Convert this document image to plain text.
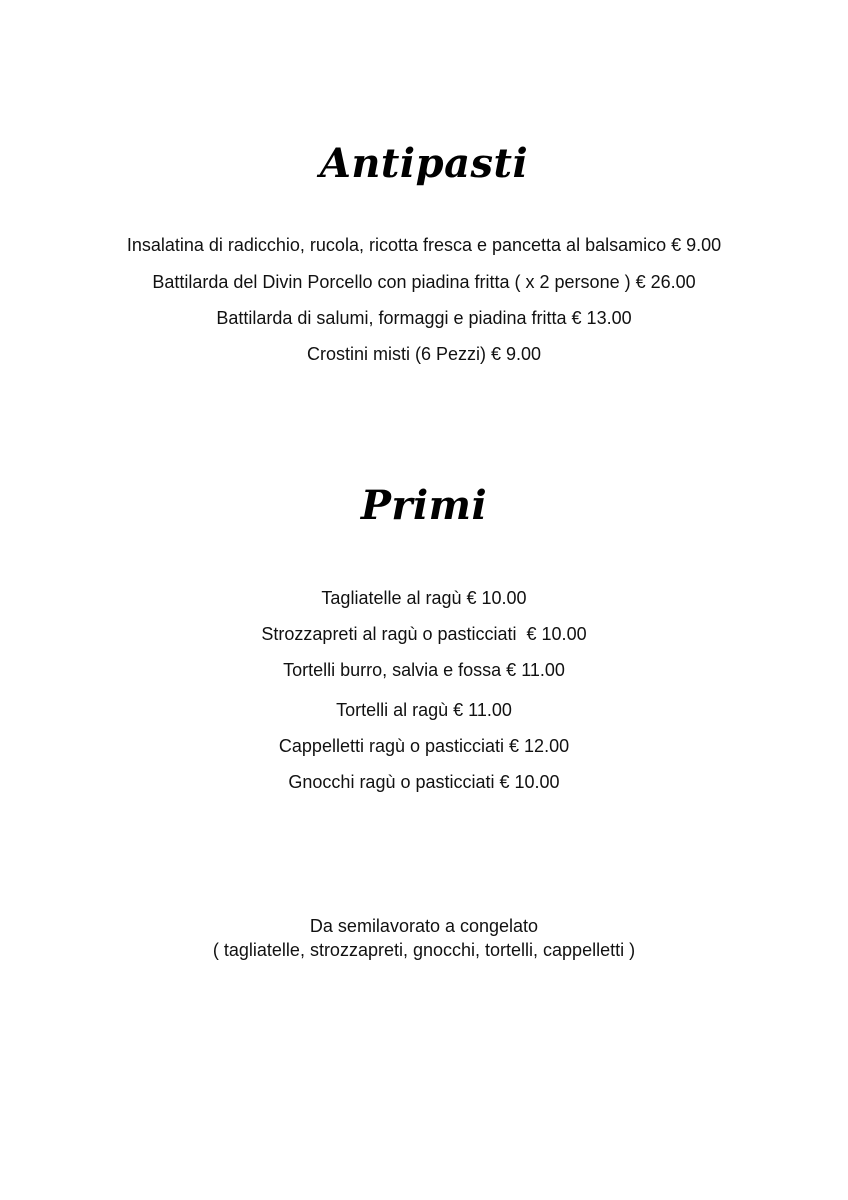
Antipasti
Insalatina di radicchio, rucola, ricotta fresca e pancetta al balsamico € 9.00
Battilarda del Divin Porcello con piadina fritta ( x 2 persone ) € 26.00
Battilarda di salumi, formaggi e piadina fritta € 13.00
Crostini misti (6 Pezzi) € 9.00
Primi
Tagliatelle al ragù € 10.00
Strozzapreti al ragù o pasticciati  € 10.00
Tortelli burro, salvia e fossa € 11.00
Tortelli al ragù € 11.00
Cappelletti ragù o pasticciati € 12.00
Gnocchi ragù o pasticciati € 10.00
Da semilavorato a congelato
( tagliatelle, strozzapreti, gnocchi, tortelli, cappelletti )
